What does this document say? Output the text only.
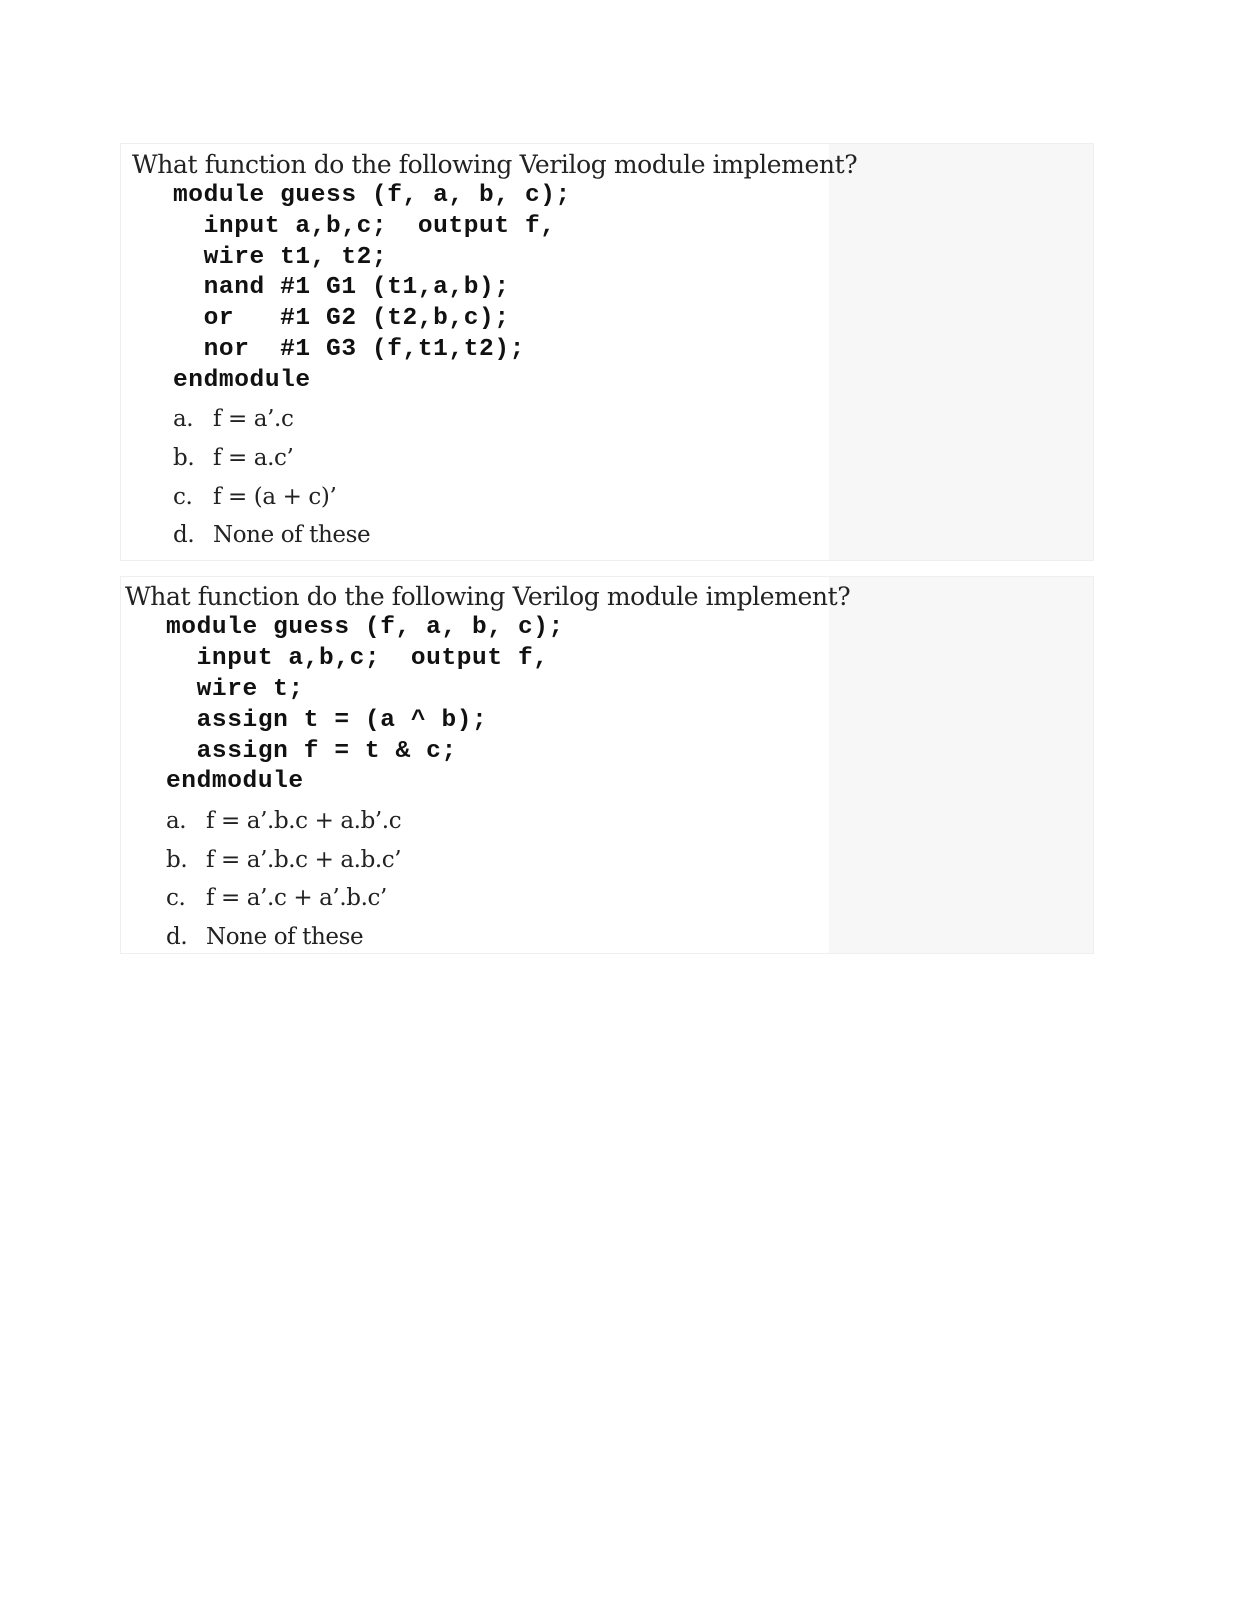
What function do the following Verilog module implement?
module guess (f, a, b, c);
input a,b,c;  output f,
wire t1, t2;
nand #1 G1 (t1,a,b);
or   #1 G2 (t2,b,c);
nor  #1 G3 (f,t1,t2);
endmodule
a. f = a’.c
b. f = a.c’
c. f = (a + c)’
d. None of these
What function do the following Verilog module implement?
module guess (f, a, b, c);
input a,b,c;  output f,
wire t;
assign t = (a ^ b);
assign f = t & c;
endmodule
a. f = a’.b.c + a.b’.c
b. f = a’.b.c + a.b.c’
c. f = a’.c + a’.b.c’
d. None of these
